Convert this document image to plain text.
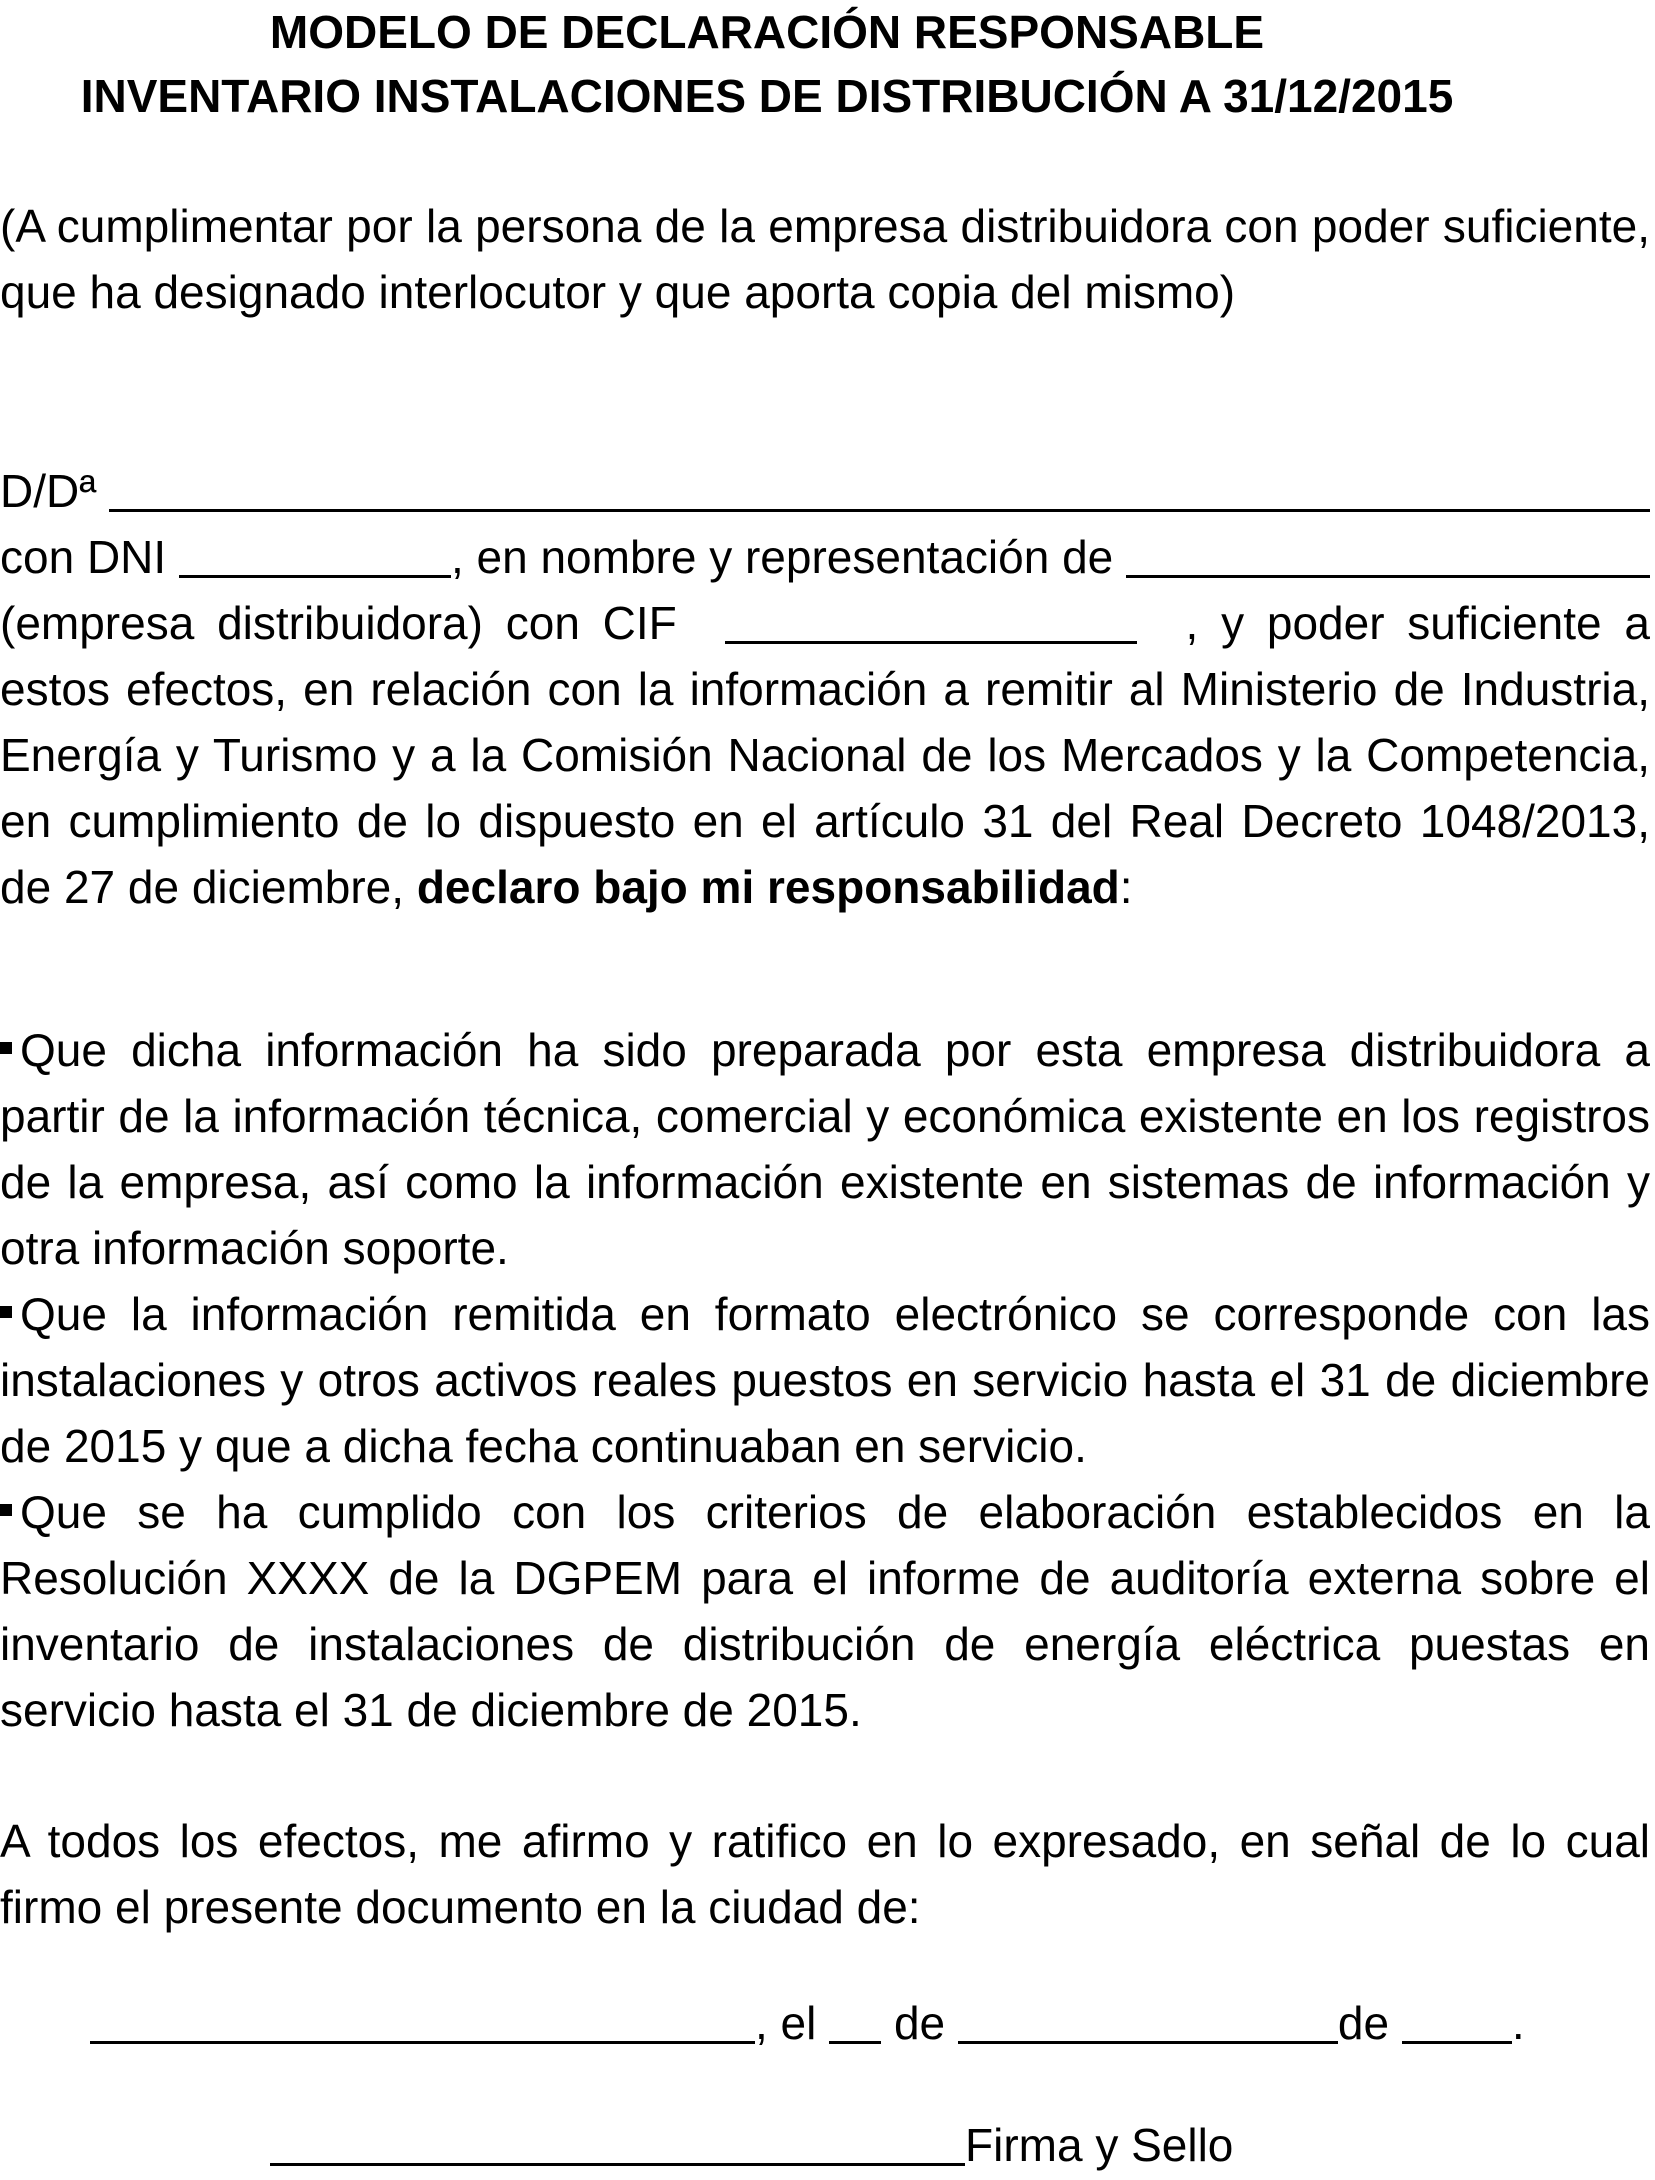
MODELO DE DECLARACIÓN RESPONSABLE

INVENTARIO INSTALACIONES DE DISTRIBUCIÓN A 31/12/2015

(A cumplimentar por la persona de la empresa distribuidora con poder suficiente, que ha designado interlocutor y que aporta copia del mismo)

D/Dª

con DNI
	, en nombre y representación de

(empresa distribuidora) con CIF	, y poder suficiente a

estos efectos, en relación con la información a remitir al Ministerio de Industria, Energía y Turismo y a la Comisión Nacional de los Mercados y la Competencia, en cumplimiento de lo dispuesto en el artículo 31 del Real Decreto 1048/2013, de 27 de diciembre, declaro bajo mi responsabilidad:

Que dicha información ha sido preparada por esta empresa distribuidora a partir de la información técnica, comercial y económica existente en los registros de la empresa, así como la información existente en sistemas de información y otra información soporte.

Que la información remitida en formato electrónico se corresponde con las instalaciones y otros activos reales puestos en servicio hasta el 31 de diciembre de 2015 y que a dicha fecha continuaban en servicio.

Que se ha cumplido con los criterios de elaboración establecidos en la Resolución XXXX de la DGPEM para el informe de auditoría externa sobre el inventario de instalaciones de distribución de energía eléctrica puestas en servicio hasta el 31 de diciembre de 2015.

A todos los efectos, me afirmo y ratifico en lo expresado, en señal de lo cual firmo el presente documento en la ciudad de:

, el

de
	de
	.
Firma y Sello
